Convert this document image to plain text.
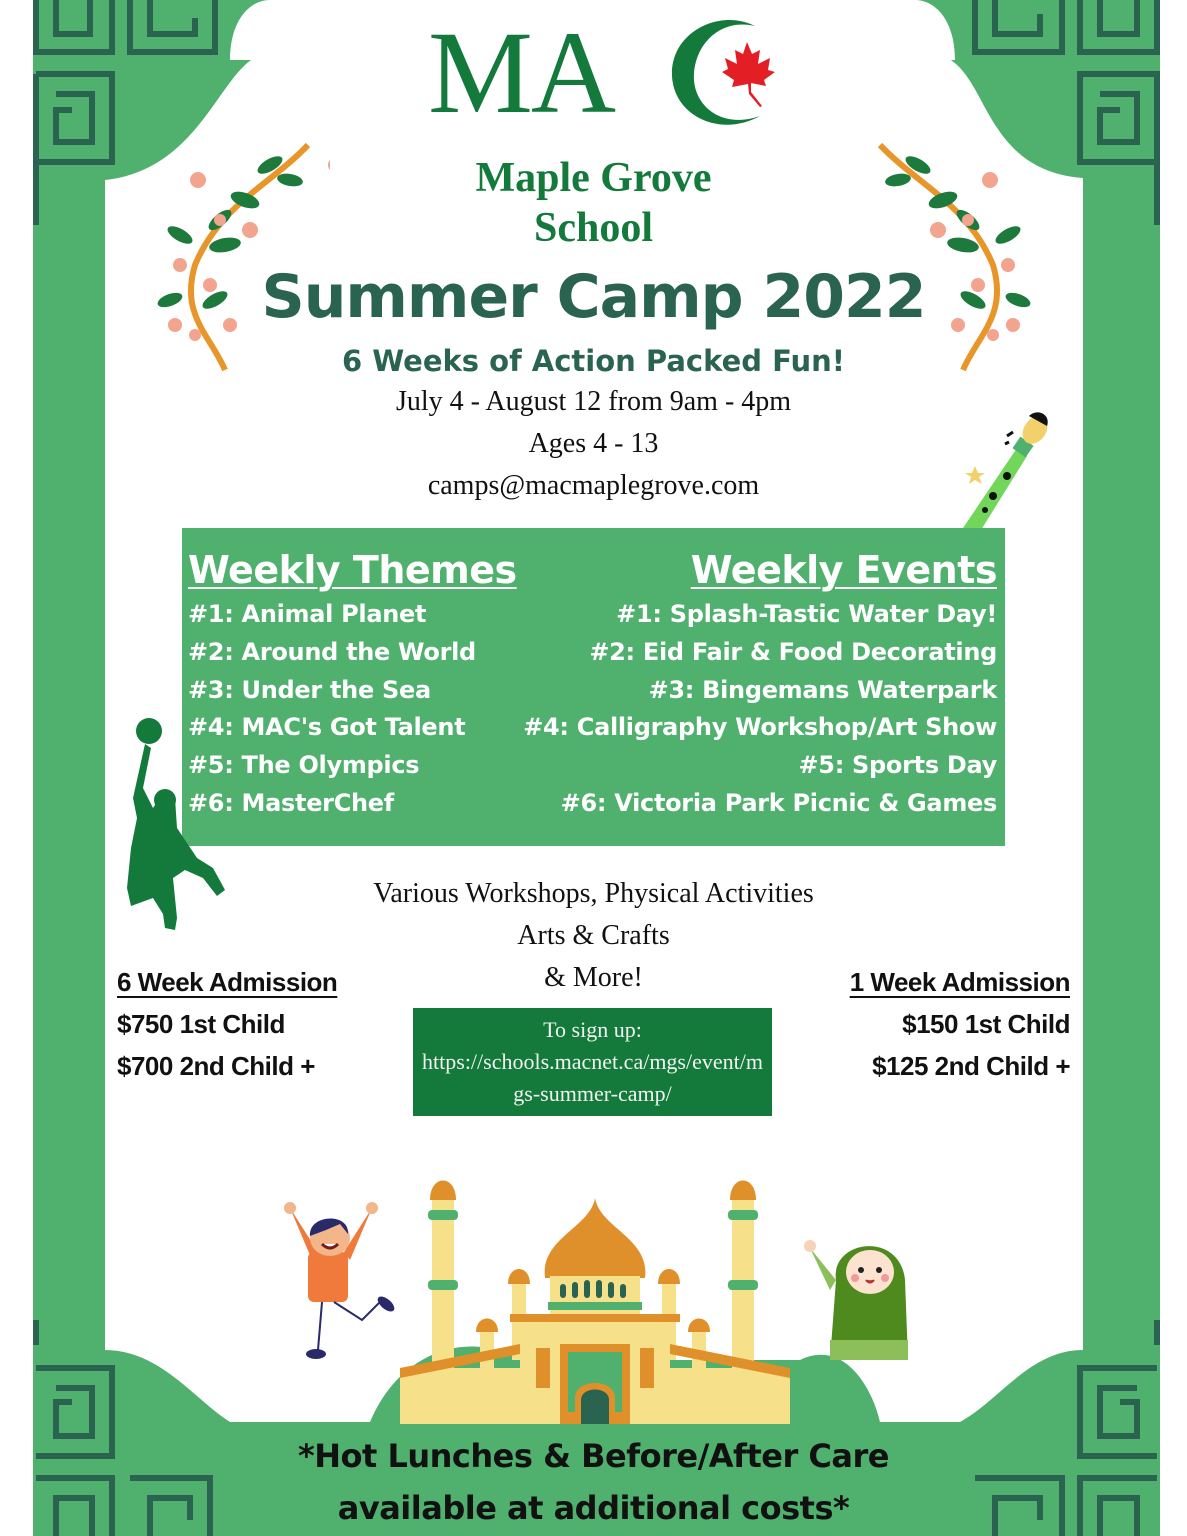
MA
Maple Grove
School
Summer Camp 2022
6 Weeks of Action Packed Fun!
July 4 - August 12 from 9am - 4pm
Ages 4 - 13
camps@macmaplegrove.com
Weekly Themes
#1: Animal Planet
#2: Around the World
#3: Under the Sea
#4: MAC's Got Talent
#5: The Olympics
#6: MasterChef
Weekly Events
#1: Splash-Tastic Water Day!
#2: Eid Fair & Food Decorating
#3: Bingemans Waterpark
#4: Calligraphy Workshop/Art Show
#5: Sports Day
#6: Victoria Park Picnic & Games
Various Workshops, Physical Activities
Arts & Crafts
& More!
6 Week Admission
$750 1st Child
$700 2nd Child +
1 Week Admission
$150 1st Child
$125 2nd Child +
To sign up:
https://schools.macnet.ca/mgs/event/mgs-summer-camp/
*Hot Lunches & Before/After Care
available at additional costs*
